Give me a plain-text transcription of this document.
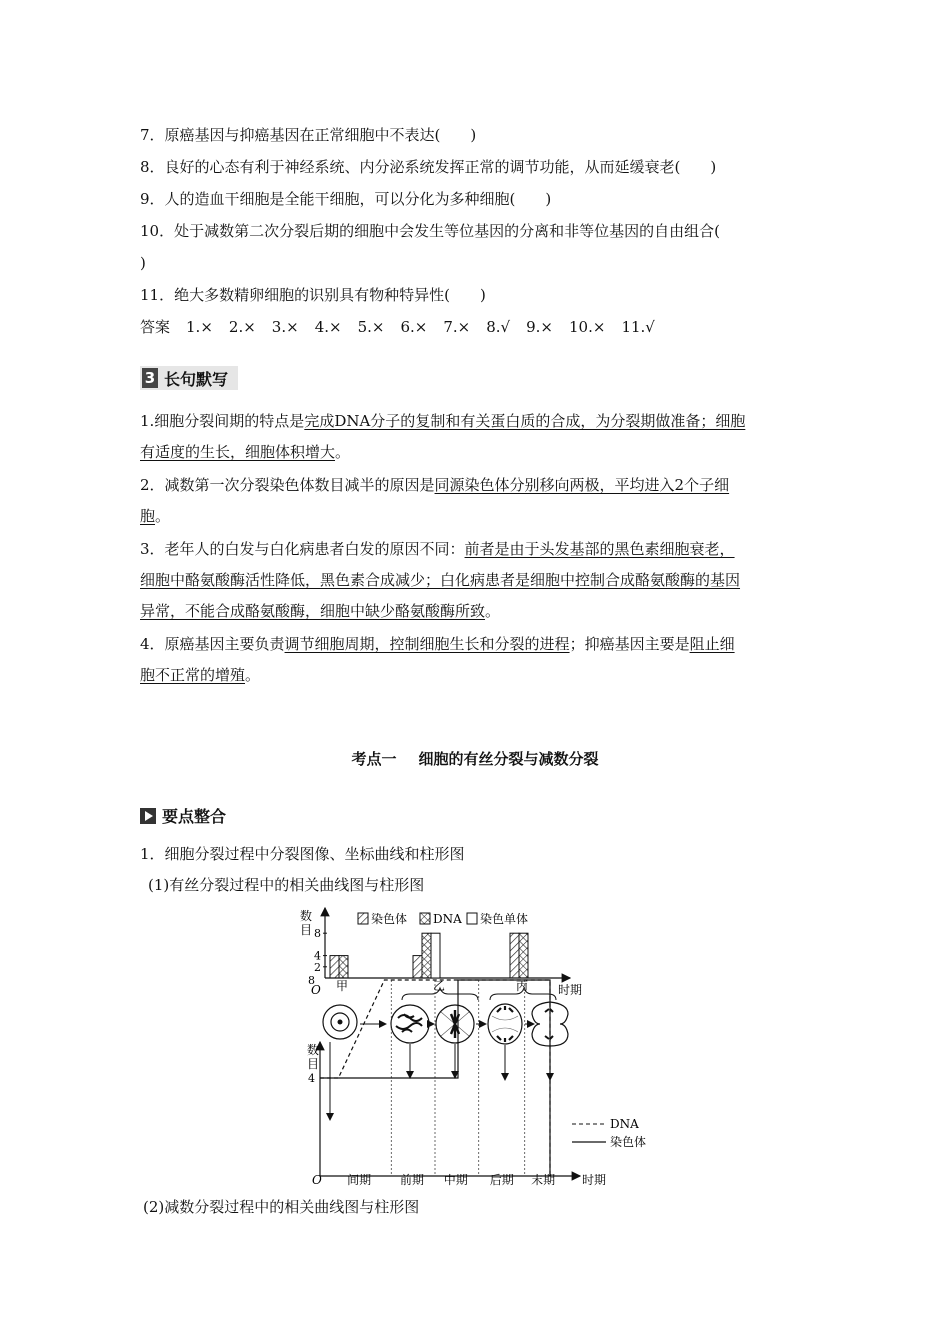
7．原癌基因与抑癌基因在正常细胞中不表达(　　)
8．良好的心态有利于神经系统、内分泌系统发挥正常的调节功能，从而延缓衰老(　　)
9．人的造血干细胞是全能干细胞，可以分化为多种细胞(　　)
10．处于减数第二次分裂后期的细胞中会发生等位基因的分离和非等位基因的自由组合(
)
11．绝大多数精卵细胞的识别具有物种特异性(　　)
答案 1.× 2.× 3.× 4.× 5.× 6.× 7.× 8.√ 9.× 10.× 11.√
3 长句默写
1.细胞分裂间期的特点是完成DNA分子的复制和有关蛋白质的合成，为分裂期做准备；细胞
有适度的生长，细胞体积增大。
2．减数第一次分裂染色体数目减半的原因是同源染色体分别移向两极，平均进入2个子细
胞。
3．老年人的白发与白化病患者白发的原因不同：前者是由于头发基部的黑色素细胞衰老，
细胞中酪氨酸酶活性降低，黑色素合成减少；白化病患者是细胞中控制合成酪氨酸酶的基因
异常，不能合成酪氨酸酶，细胞中缺少酪氨酸酶所致。
4．原癌基因主要负责调节细胞周期，控制细胞生长和分裂的进程；抑癌基因主要是阻止细
胞不正常的增殖。
考点一 细胞的有丝分裂与减数分裂
要点整合
1．细胞分裂过程中分裂图像、坐标曲线和柱形图
(1)有丝分裂过程中的相关曲线图与柱形图
数
目
O	时期
2
4
8
甲	乙	丙
染色体 DNA 染色单体
数
目
O	时期
4
8
间期 前期 中期 后期 末期
DNA
染色体
(2)减数分裂过程中的相关曲线图与柱形图
